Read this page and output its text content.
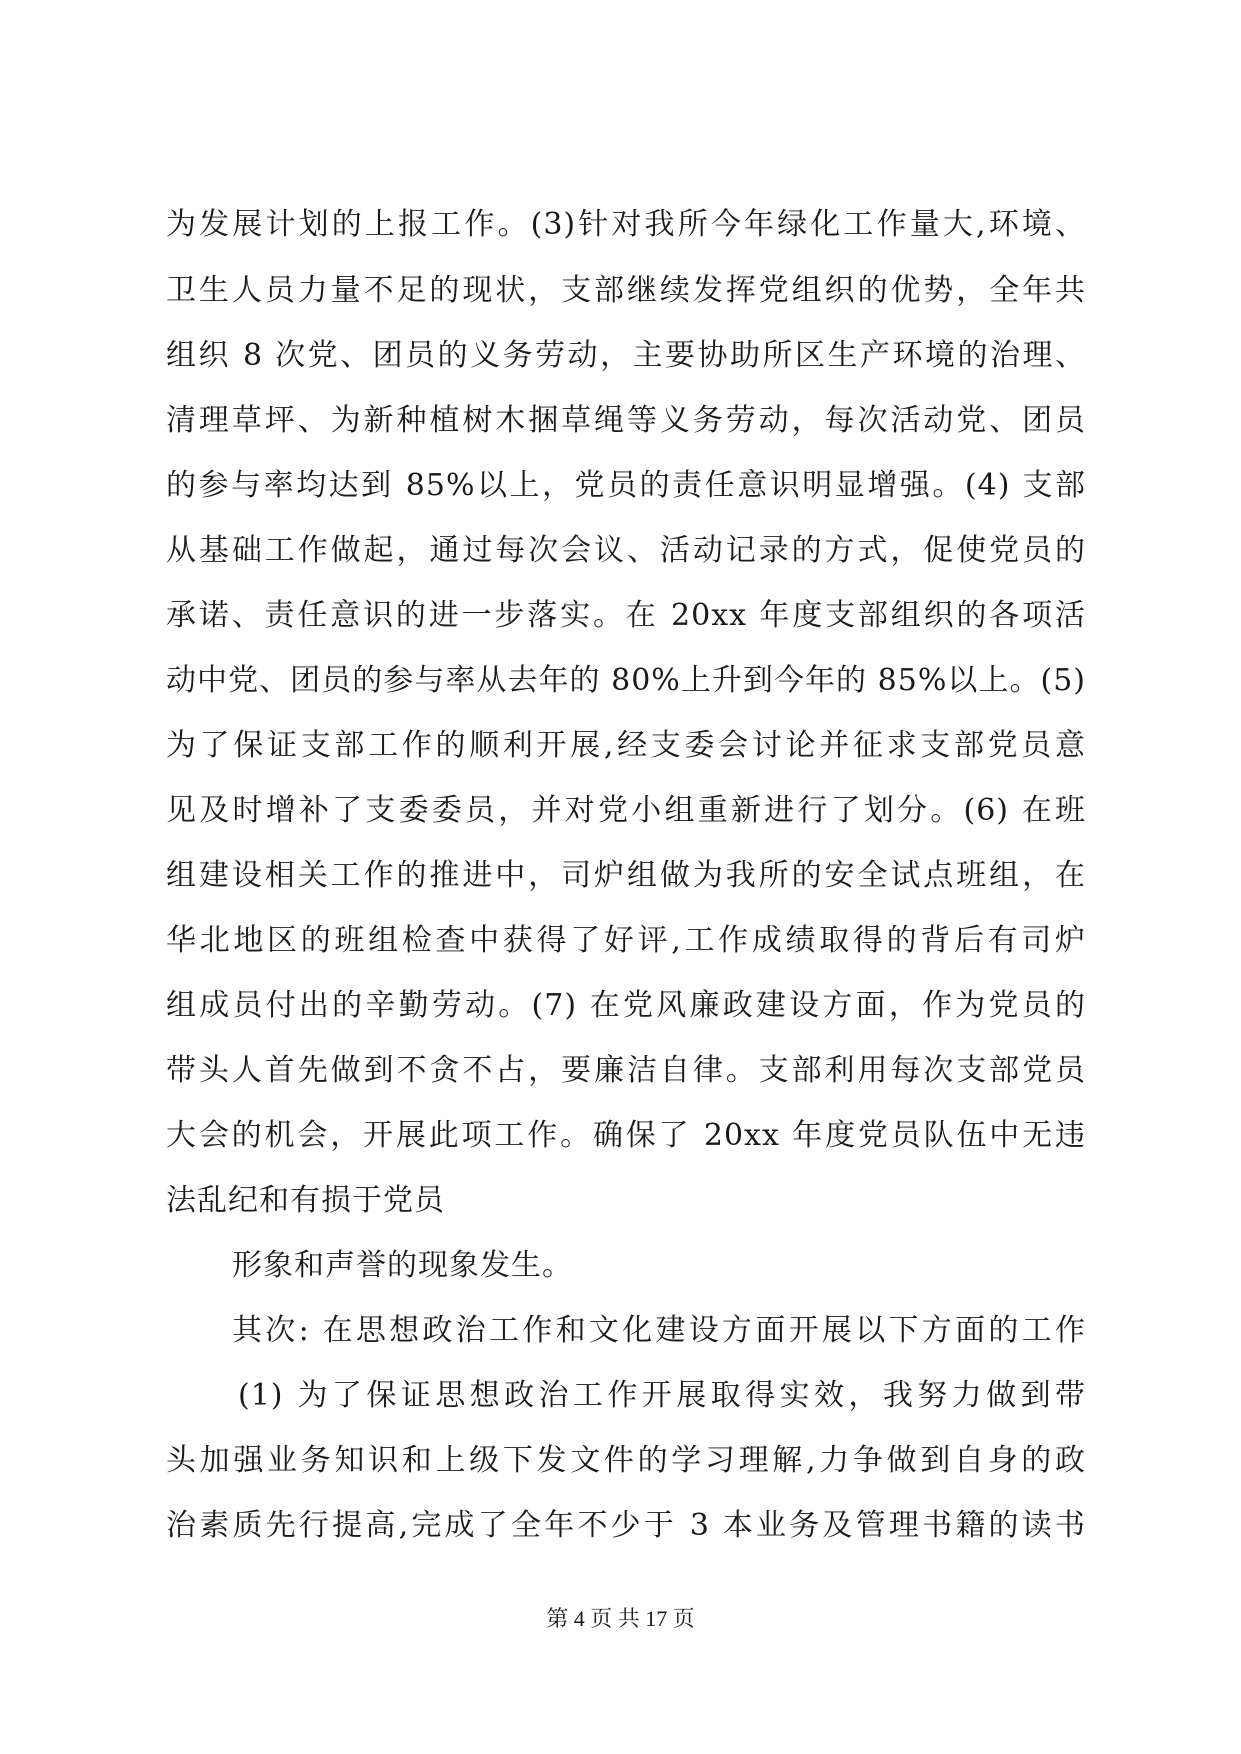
为发展计划的上报工作。(3)针对我所今年绿化工作量大,环境、
卫生人员力量不足的现状，支部继续发挥党组织的优势，全年共
组织 8 次党、团员的义务劳动，主要协助所区生产环境的治理、
清理草坪、为新种植树木捆草绳等义务劳动，每次活动党、团员
的参与率均达到 85%以上，党员的责任意识明显增强。(4) 支部
从基础工作做起，通过每次会议、活动记录的方式，促使党员的
承诺、责任意识的进一步落实。在 20xx 年度支部组织的各项活
动中党、团员的参与率从去年的 80%上升到今年的 85%以上。(5)
为了保证支部工作的顺利开展,经支委会讨论并征求支部党员意
见及时增补了支委委员，并对党小组重新进行了划分。(6) 在班
组建设相关工作的推进中，司炉组做为我所的安全试点班组，在
华北地区的班组检查中获得了好评,工作成绩取得的背后有司炉
组成员付出的辛勤劳动。(7) 在党风廉政建设方面，作为党员的
带头人首先做到不贪不占，要廉洁自律。支部利用每次支部党员
大会的机会，开展此项工作。确保了 20xx 年度党员队伍中无违
法乱纪和有损于党员
形象和声誉的现象发生。
其次: 在思想政治工作和文化建设方面开展以下方面的工作
(1) 为了保证思想政治工作开展取得实效，我努力做到带
头加强业务知识和上级下发文件的学习理解,力争做到自身的政
治素质先行提高,完成了全年不少于 3 本业务及管理书籍的读书
第 4 页 共 17 页
